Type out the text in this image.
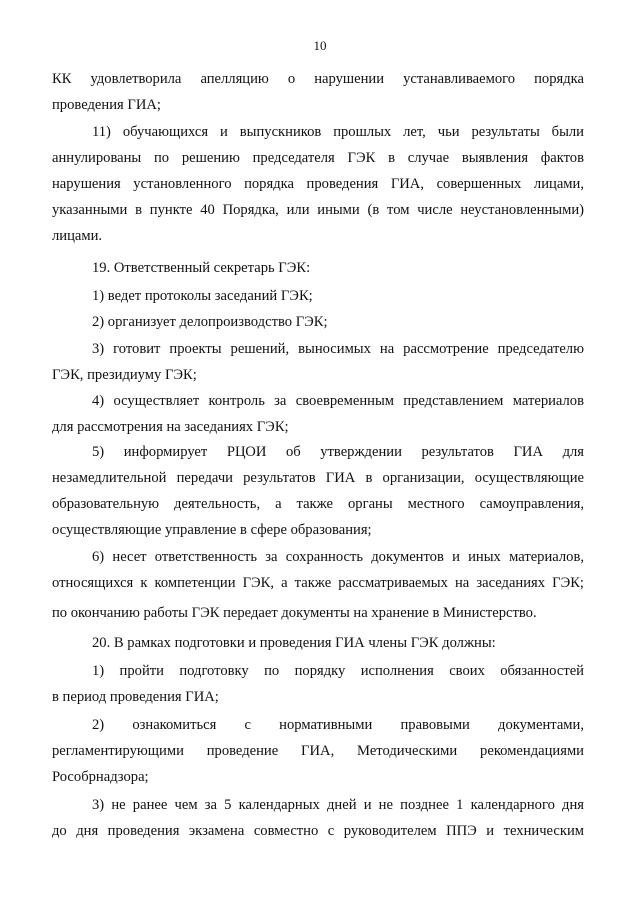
10
КК удовлетворила апелляцию о нарушении устанавливаемого порядка
проведения ГИА;
11) обучающихся и выпускников прошлых лет, чьи результаты были
аннулированы по решению председателя ГЭК в случае выявления фактов
нарушения установленного порядка проведения ГИА, совершенных лицами,
указанными в пункте 40 Порядка, или иными (в том числе неустановленными)
лицами.
19. Ответственный секретарь ГЭК:
1) ведет протоколы заседаний ГЭК;
2) организует делопроизводство ГЭК;
3) готовит проекты решений, выносимых на рассмотрение председателю
ГЭК, президиуму ГЭК;
4) осуществляет контроль за своевременным представлением материалов
для рассмотрения на заседаниях ГЭК;
5) информирует РЦОИ об утверждении результатов ГИА для
незамедлительной передачи результатов ГИА в организации, осуществляющие
образовательную деятельность, а также органы местного самоуправления,
осуществляющие управление в сфере образования;
6) несет ответственность за сохранность документов и иных материалов,
относящихся к компетенции ГЭК, а также рассматриваемых на заседаниях ГЭК;
по окончанию работы ГЭК передает документы на хранение в Министерство.
20. В рамках подготовки и проведения ГИА члены ГЭК должны:
1) пройти подготовку по порядку исполнения своих обязанностей
в период проведения ГИА;
2) ознакомиться с нормативными правовыми документами,
регламентирующими проведение ГИА, Методическими рекомендациями
Рособрнадзора;
3) не ранее чем за 5 календарных дней и не позднее 1 календарного дня
до дня проведения экзамена совместно с руководителем ППЭ и техническим
